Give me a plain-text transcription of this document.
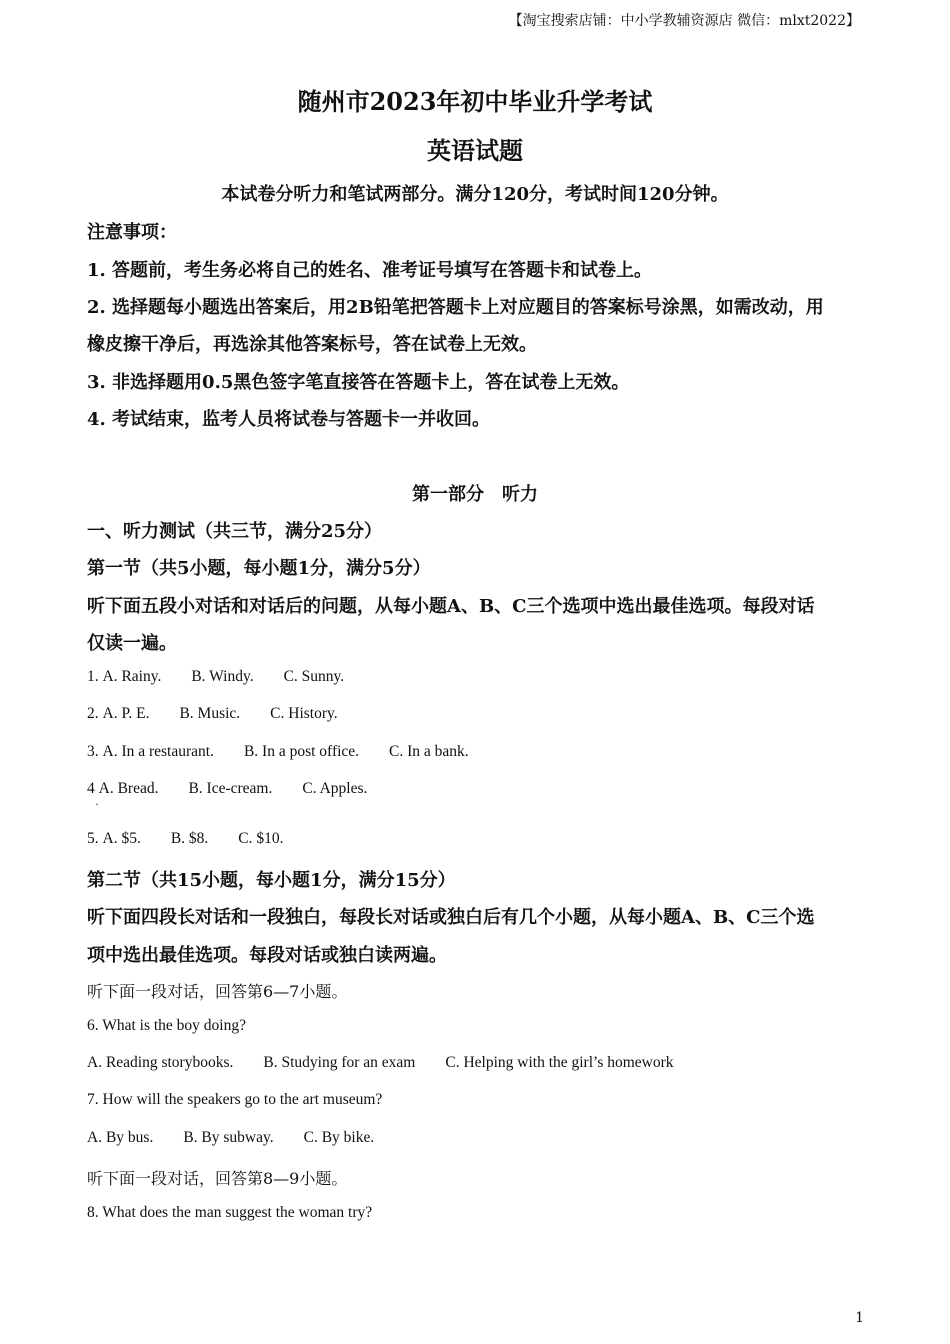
【淘宝搜索店铺：中小学教辅资源店 微信：mlxt2022】
随州市2023年初中毕业升学考试
英语试题
本试卷分听力和笔试两部分。满分120分，考试时间120分钟。
注意事项：
1. 答题前，考生务必将自己的姓名、准考证号填写在答题卡和试卷上。
2. 选择题每小题选出答案后，用2B铅笔把答题卡上对应题目的答案标号涂黑，如需改动，用
橡皮擦干净后，再选涂其他答案标号，答在试卷上无效。
3. 非选择题用0.5黑色签字笔直接答在答题卡上，答在试卷上无效。
4. 考试结束，监考人员将试卷与答题卡一并收回。
第一部分　听力
一、听力测试（共三节，满分25分）
第一节（共5小题，每小题1分，满分5分）
听下面五段小对话和对话后的问题，从每小题A、B、C三个选项中选出最佳选项。每段对话
仅读一遍。
1. A. Rainy. B. Windy. C. Sunny.
2. A. P. E. B. Music. C. History.
3. A. In a restaurant. B. In a post office. C. In a bank.
4 A. Bread. B. Ice-cream. C. Apples.
·
5. A. $5. B. $8. C. $10.
第二节（共15小题，每小题1分，满分15分）
听下面四段长对话和一段独白，每段长对话或独白后有几个小题，从每小题A、B、C三个选
项中选出最佳选项。每段对话或独白读两遍。
听下面一段对话，回答第6—7小题。
6. What is the boy doing?
A. Reading storybooks. B. Studying for an exam C. Helping with the girl’s homework
7. How will the speakers go to the art museum?
A. By bus. B. By subway. C. By bike.
听下面一段对话，回答第8—9小题。
8. What does the man suggest the woman try?
1
